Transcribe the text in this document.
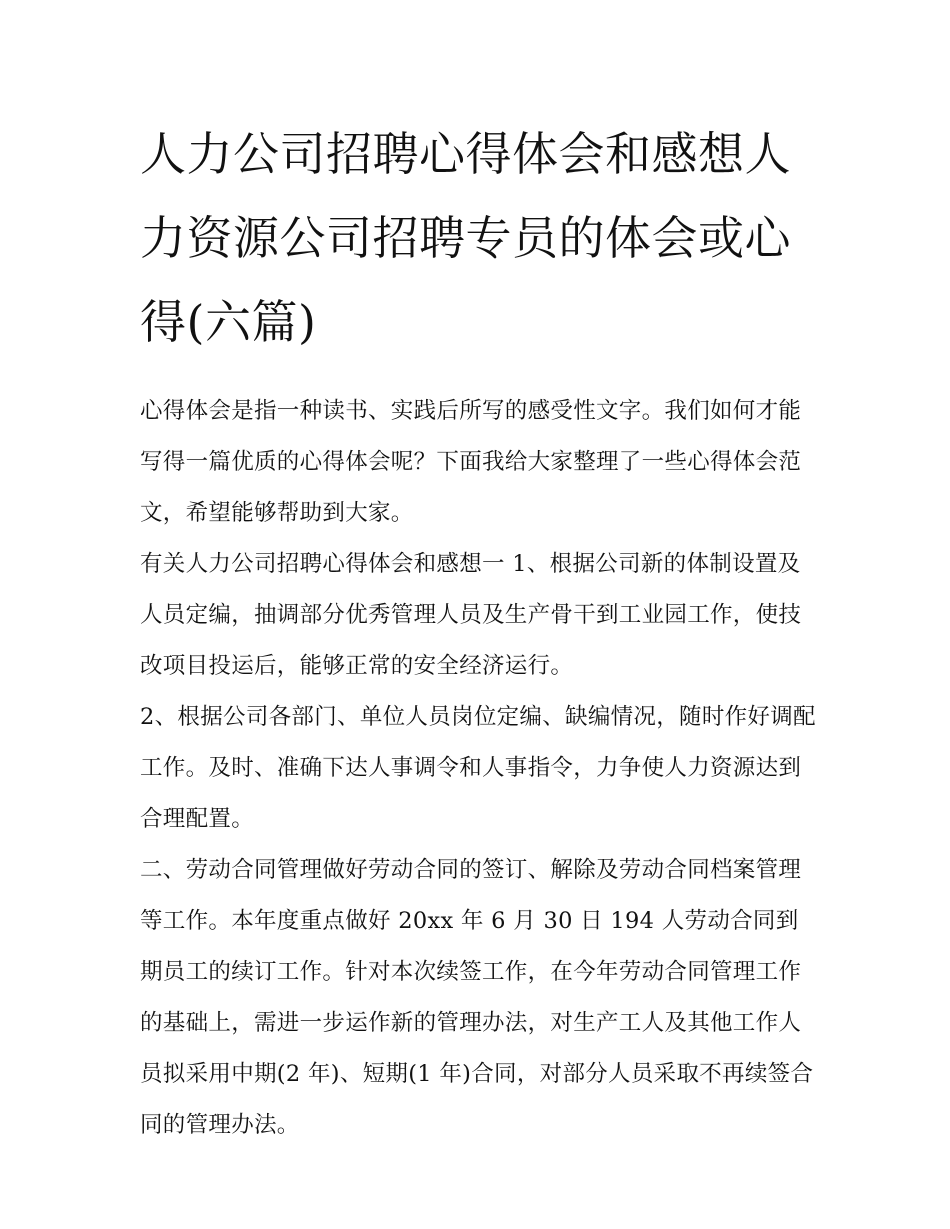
人力公司招聘心得体会和感想人力资源公司招聘专员的体会或心得(六篇)

心得体会是指一种读书、实践后所写的感受性文字。我们如何才能写得一篇优质的心得体会呢？下面我给大家整理了一些心得体会范文，希望能够帮助到大家。

有关人力公司招聘心得体会和感想一 1、根据公司新的体制设置及人员定编，抽调部分优秀管理人员及生产骨干到工业园工作，使技改项目投运后，能够正常的安全经济运行。

2、根据公司各部门、单位人员岗位定编、缺编情况，随时作好调配工作。及时、准确下达人事调令和人事指令，力争使人力资源达到合理配置。

二、劳动合同管理做好劳动合同的签订、解除及劳动合同档案管理等工作。本年度重点做好 20xx 年 6 月 30 日 194 人劳动合同到期员工的续订工作。针对本次续签工作，在今年劳动合同管理工作的基础上，需进一步运作新的管理办法，对生产工人及其他工作人员拟采用中期(2 年)、短期(1 年)合同，对部分人员采取不再续签合同的管理办法。
